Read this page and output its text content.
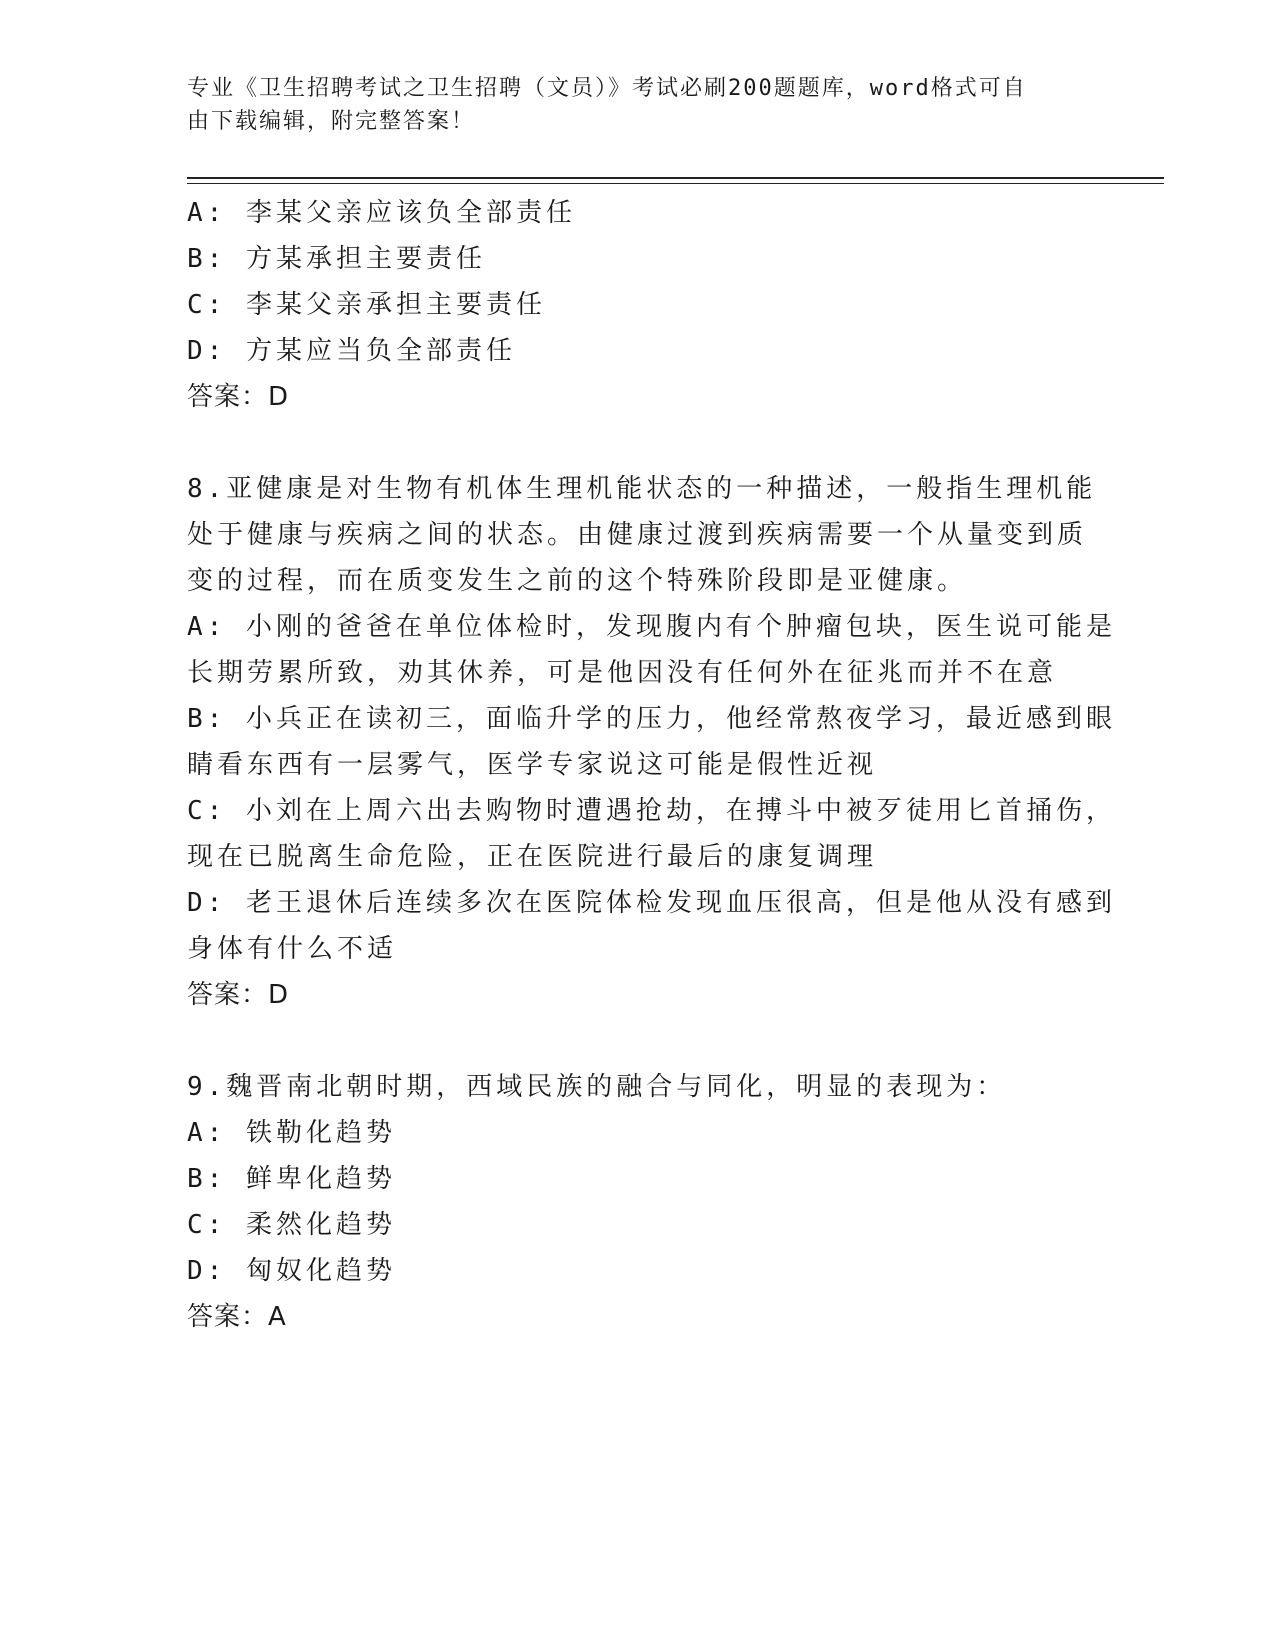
专业《卫生招聘考试之卫生招聘（文员）》考试必刷200题题库，word格式可自
由下载编辑，附完整答案！
A: 李某父亲应该负全部责任
B: 方某承担主要责任
C: 李某父亲承担主要责任
D: 方某应当负全部责任
答案：D
8.亚健康是对生物有机体生理机能状态的一种描述，一般指生理机能
处于健康与疾病之间的状态。由健康过渡到疾病需要一个从量变到质
变的过程，而在质变发生之前的这个特殊阶段即是亚健康。
A: 小刚的爸爸在单位体检时，发现腹内有个肿瘤包块，医生说可能是
长期劳累所致，劝其休养，可是他因没有任何外在征兆而并不在意
B: 小兵正在读初三，面临升学的压力，他经常熬夜学习，最近感到眼
睛看东西有一层雾气，医学专家说这可能是假性近视
C: 小刘在上周六出去购物时遭遇抢劫，在搏斗中被歹徒用匕首捅伤，
现在已脱离生命危险，正在医院进行最后的康复调理
D: 老王退休后连续多次在医院体检发现血压很高，但是他从没有感到
身体有什么不适
答案：D
9.魏晋南北朝时期，西域民族的融合与同化，明显的表现为：
A: 铁勒化趋势
B: 鲜卑化趋势
C: 柔然化趋势
D: 匈奴化趋势
答案：A
